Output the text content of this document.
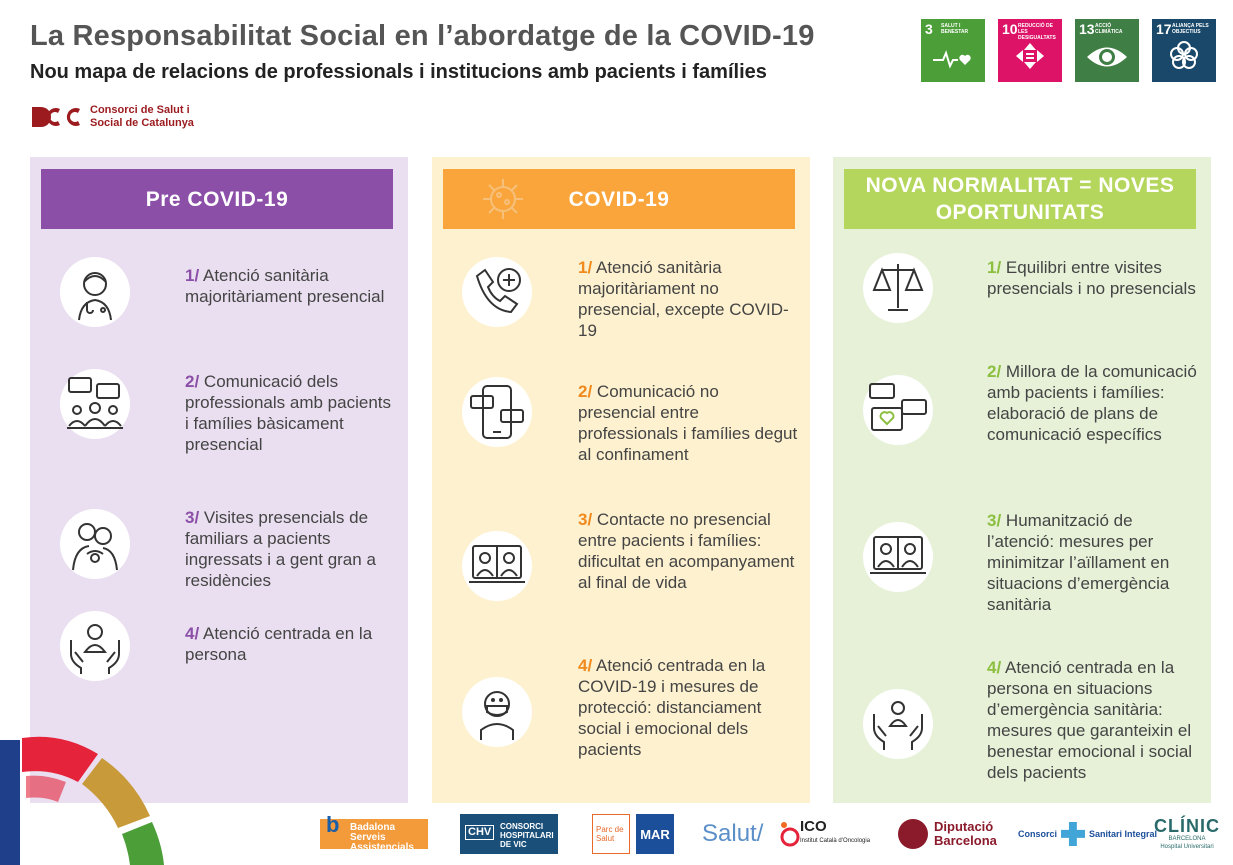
La Responsabilitat Social en l’abordatge de la COVID-19
Nou mapa de relacions de professionals i institucions amb pacients i famílies
Consorci de Salut i
Social de Catalunya
3	SALUT I BENESTAR	10 REDUCCIÓ DE LES DESIGUALTATS
13 ACCIÓ CLIMÀTICA	17 ALIANÇA PELS OBJECTIUS
Pre COVID-19
1/ Atenció sanitària majoritàriament presencial
2/ Comunicació dels professionals amb pacients i famílies bàsicament presencial
3/ Visites presencials de familiars a pacients ingressats i a gent gran a residències
4/ Atenció centrada en la persona
COVID-19
1/ Atenció sanitària majoritàriament no presencial, excepte COVID-19
2/ Comunicació no presencial entre professionals i famílies degut al confinament
3/ Contacte no presencial entre pacients i famílies: dificultat en acompanyament al final de vida
4/ Atenció centrada en la COVID-19 i mesures de protecció: distanciament social i emocional dels pacients
NOVA NORMALITAT = NOVES OPORTUNITATS
1/ Equilibri entre visites presencials i no presencials
2/ Millora de la comunicació amb pacients i famílies: elaboració de plans de comunicació específics
3/ Humanització de l’atenció: mesures per minimitzar l’aïllament en situacions d’emergència sanitària
4/ Atenció centrada en la persona en situacions d’emergència sanitària: mesures que garanteixin el benestar emocional i social dels pacients
b Badalona Serveis Assistencials
CHV	CONSORCI HOSPITALARI DE VIC
Parc de Salut	MAR Salut/ ICO
Institut Català d’Oncologia
Diputació
Barcelona Consorci	Sanitari Integral
CLÍNIC
BARCELONA
Hospital Universitari
